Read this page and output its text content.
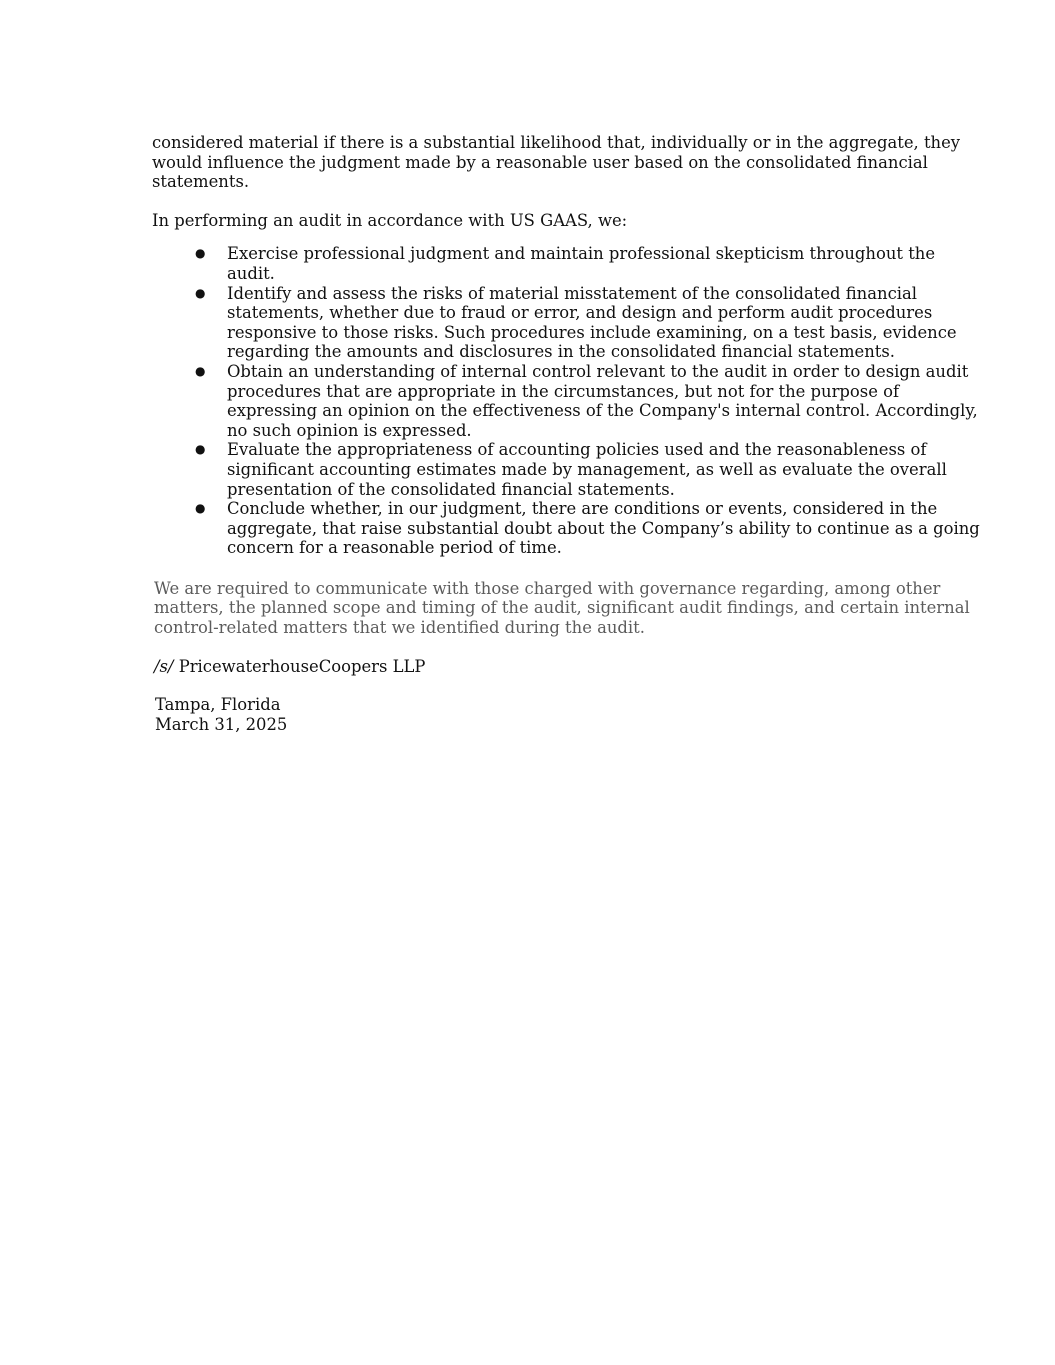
considered material if there is a substantial likelihood that, individually or in the aggregate, they would influence the judgment made by a reasonable user based on the consolidated financial statements.

In performing an audit in accordance with US GAAS, we:

● Exercise professional judgment and maintain professional skepticism throughout the audit.
● Identify and assess the risks of material misstatement of the consolidated financial statements, whether due to fraud or error, and design and perform audit procedures responsive to those risks. Such procedures include examining, on a test basis, evidence regarding the amounts and disclosures in the consolidated financial statements.
● Obtain an understanding of internal control relevant to the audit in order to design audit procedures that are appropriate in the circumstances, but not for the purpose of expressing an opinion on the effectiveness of the Company's internal control. Accordingly, no such opinion is expressed.
● Evaluate the appropriateness of accounting policies used and the reasonableness of significant accounting estimates made by management, as well as evaluate the overall presentation of the consolidated financial statements.
● Conclude whether, in our judgment, there are conditions or events, considered in the aggregate, that raise substantial doubt about the Company’s ability to continue as a going concern for a reasonable period of time.

We are required to communicate with those charged with governance regarding, among other matters, the planned scope and timing of the audit, significant audit findings, and certain internal control-related matters that we identified during the audit.

/s/ PricewaterhouseCoopers LLP

Tampa, Florida

March 31, 2025
